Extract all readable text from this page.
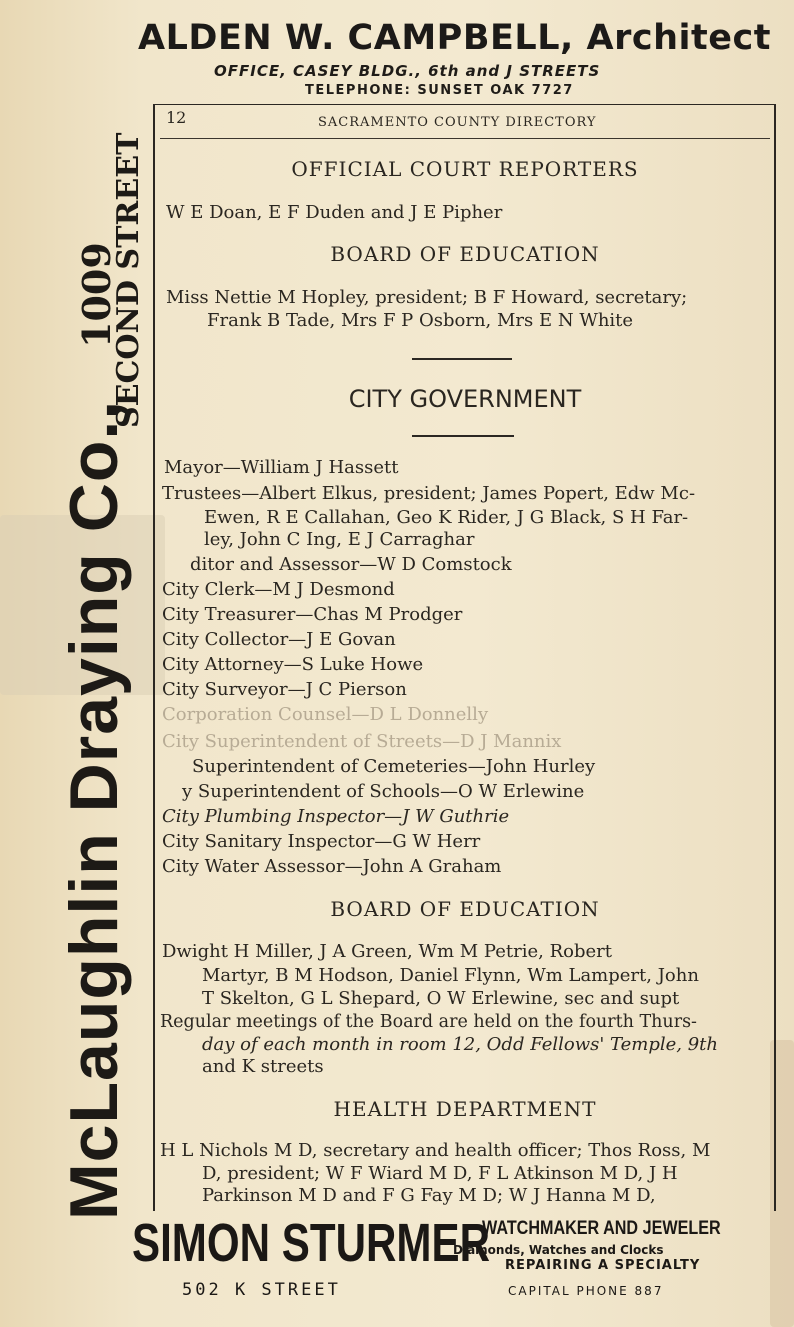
ALDEN W. CAMPBELL, Architect
OFFICE, CASEY BLDG., 6th and J STREETS
TELEPHONE: SUNSET OAK 7727
McLaughlin Draying Co.,
1009
SECOND STREET
12	SACRAMENTO COUNTY DIRECTORY
OFFICIAL COURT REPORTERS
W E Doan, E F Duden and J E Pipher
BOARD OF EDUCATION
Miss Nettie M Hopley, president; B F Howard, secretary;
Frank B Tade, Mrs F P Osborn, Mrs E N White
CITY GOVERNMENT
Mayor—William J Hassett
Trustees—Albert Elkus, president; James Popert, Edw Mc-
Ewen, R E Callahan, Geo K Rider, J G Black, S H Far-
ley, John C Ing, E J Carraghar
ditor and Assessor—W D Comstock
City Clerk—M J Desmond
City Treasurer—Chas M Prodger
City Collector—J E Govan
City Attorney—S Luke Howe
City Surveyor—J C Pierson
Corporation Counsel—D L Donnelly
City Superintendent of Streets—D J Mannix
Superintendent of Cemeteries—John Hurley
y Superintendent of Schools—O W Erlewine
City Plumbing Inspector—J W Guthrie
City Sanitary Inspector—G W Herr
City Water Assessor—John A Graham
BOARD OF EDUCATION
Dwight H Miller, J A Green, Wm M Petrie, Robert
Martyr, B M Hodson, Daniel Flynn, Wm Lampert, John
T Skelton, G L Shepard, O W Erlewine, sec and supt
Regular meetings of the Board are held on the fourth Thurs-
day of each month in room 12, Odd Fellows' Temple, 9th
and K streets
HEALTH DEPARTMENT
H L Nichols M D, secretary and health officer; Thos Ross, M
D, president; W F Wiard M D, F L Atkinson M D, J H
Parkinson M D and F G Fay M D; W J Hanna M D,
SIMON STURMER
WATCHMAKER AND JEWELER
Diamonds, Watches and Clocks
REPAIRING A SPECIALTY
502 K STREET	CAPITAL PHONE 887
